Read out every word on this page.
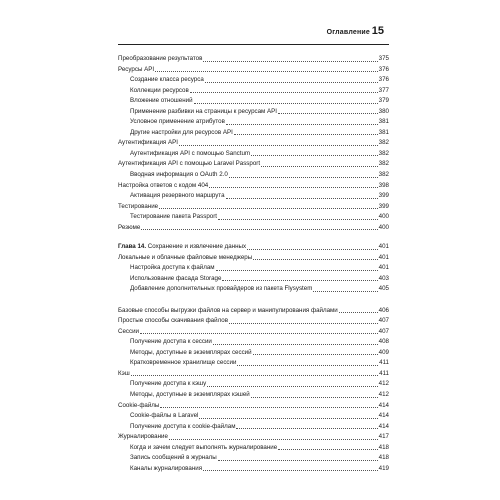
Оглавление 15
Преобразование результатов	375
Ресурсы API	376
Создание класса ресурса	376
Коллекции ресурсов	377
Вложение отношений	379
Применение разбивки на страницы к ресурсам API	380
Условное применение атрибутов	381
Другие настройки для ресурсов API	381
Аутентификация API	382
Аутентификация API с помощью Sanctum	382
Аутентификация API с помощью Laravel Passport	382
Вводная информация о OAuth 2.0	382
Настройка ответов с кодом 404	398
Активация резервного маршрута	399
Тестирование	399
Тестирование пакета Passport	400
Резюме	400
Глава 14. Сохранение и извлечение данных	401
Локальные и облачные файловые менеджеры	401
Настройка доступа к файлам	401
Использование фасада Storage	403
Добавление дополнительных провайдеров из пакета Flysystem	405
Базовые способы выгрузки файлов на сервер и манипулирования файлами	406
Простые способы скачивания файлов	407
Сессии	407
Получение доступа к сессии	408
Методы, доступные в экземплярах сессий	409
Кратковременное хранилище сессии	411
Кэш	411
Получение доступа к кэшу	412
Методы, доступные в экземплярах кэшей	412
Cookie-файлы	414
Cookie-файлы в Laravel	414
Получение доступа к cookie-файлам	414
Журналирование	417
Когда и зачем следует выполнять журналирование	418
Запись сообщений в журналы	418
Каналы журналирования	419
